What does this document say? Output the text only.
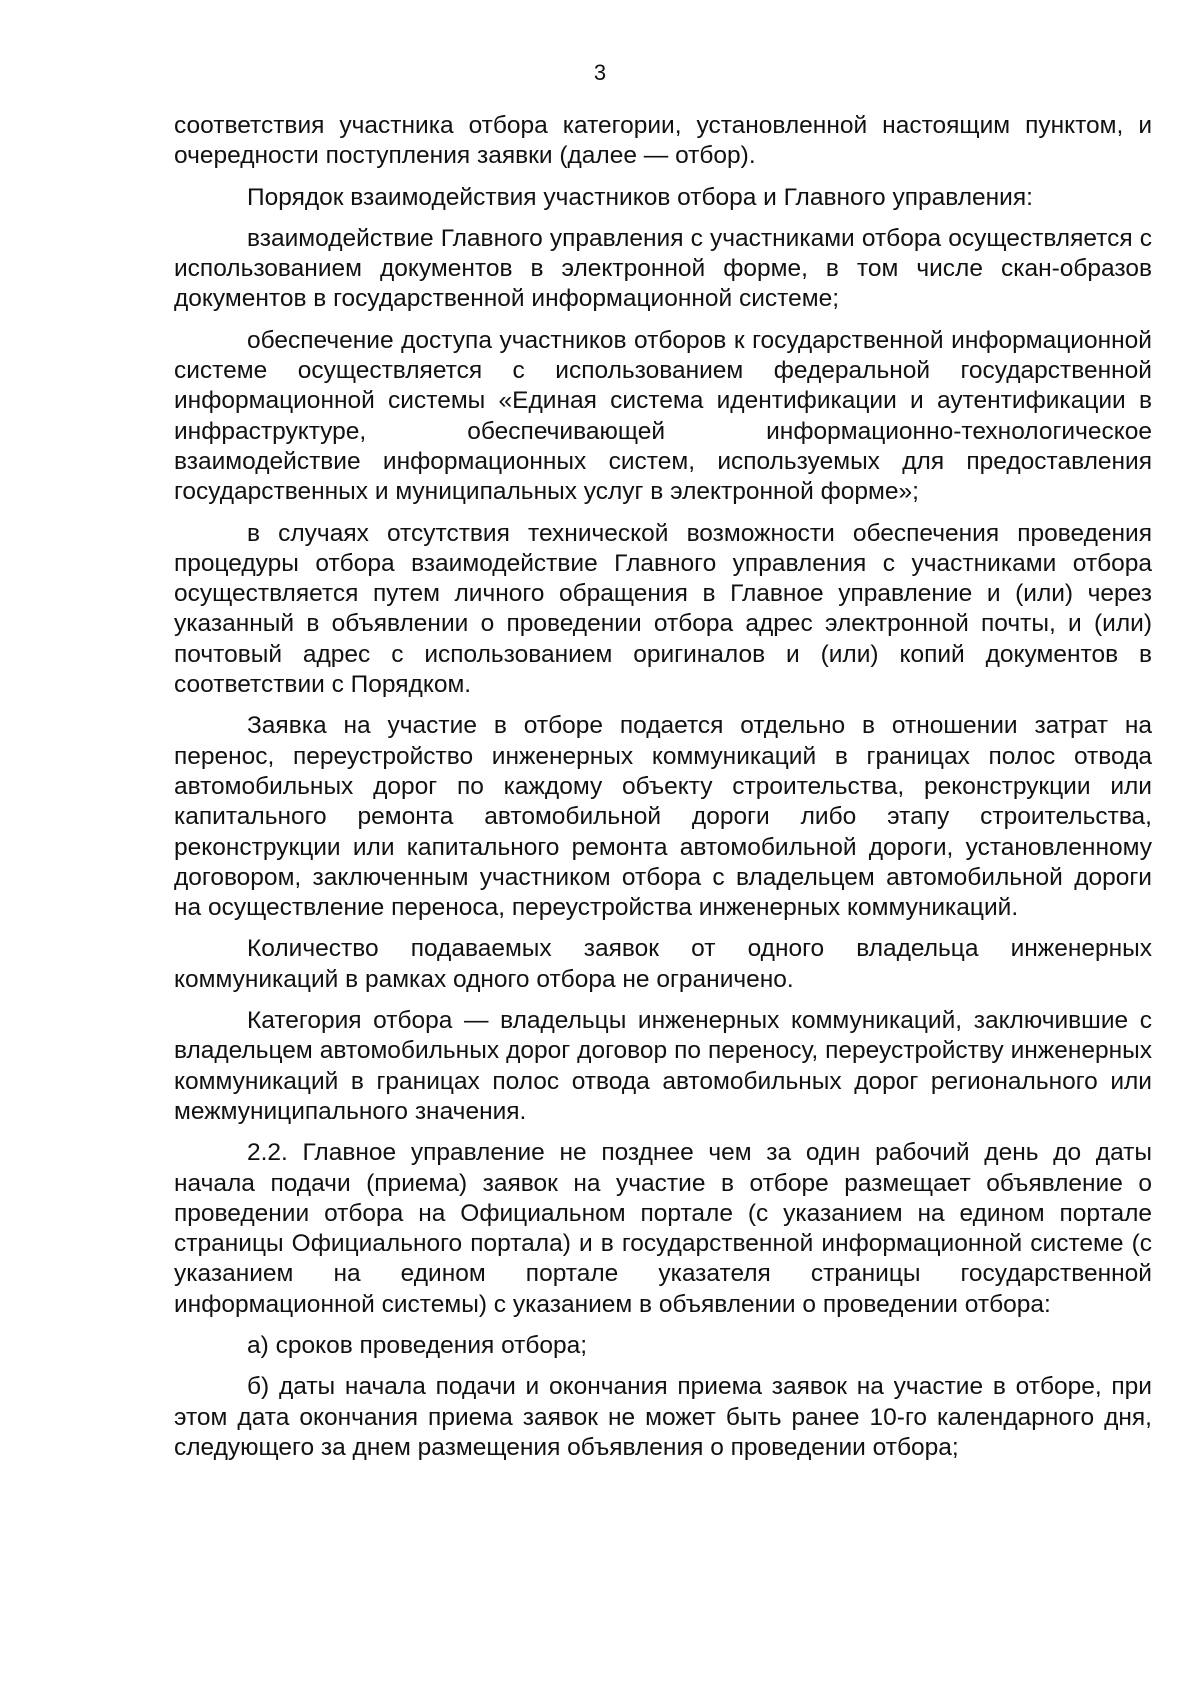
3

соответствия участника отбора категории, установленной настоящим пунктом, и очередности поступления заявки (далее — отбор).

Порядок взаимодействия участников отбора и Главного управления:

взаимодействие Главного управления с участниками отбора осуществляется с использованием документов в электронной форме, в том числе скан-образов документов в государственной информационной системе;

обеспечение доступа участников отборов к государственной информационной системе осуществляется с использованием федеральной государственной информационной системы «Единая система идентификации и аутентификации в инфраструктуре, обеспечивающей информационно-технологическое взаимодействие информационных систем, используемых для предоставления государственных и муниципальных услуг в электронной форме»;

в случаях отсутствия технической возможности обеспечения проведения процедуры отбора взаимодействие Главного управления с участниками отбора осуществляется путем личного обращения в Главное управление и (или) через указанный в объявлении о проведении отбора адрес электронной почты, и (или) почтовый адрес с использованием оригиналов и (или) копий документов в соответствии с Порядком.

Заявка на участие в отборе подается отдельно в отношении затрат на перенос, переустройство инженерных коммуникаций в границах полос отвода автомобильных дорог по каждому объекту строительства, реконструкции или капитального ремонта автомобильной дороги либо этапу строительства, реконструкции или капитального ремонта автомобильной дороги, установленному договором, заключенным участником отбора с владельцем автомобильной дороги на осуществление переноса, переустройства инженерных коммуникаций.

Количество подаваемых заявок от одного владельца инженерных коммуникаций в рамках одного отбора не ограничено.

Категория отбора — владельцы инженерных коммуникаций, заключившие с владельцем автомобильных дорог договор по переносу, переустройству инженерных коммуникаций в границах полос отвода автомобильных дорог регионального или межмуниципального значения.

2.2. Главное управление не позднее чем за один рабочий день до даты начала подачи (приема) заявок на участие в отборе размещает объявление о проведении отбора на Официальном портале (с указанием на едином портале страницы Официального портала) и в государственной информационной системе (с указанием на едином портале указателя страницы государственной информационной системы) с указанием в объявлении о проведении отбора:

а) сроков проведения отбора;

б) даты начала подачи и окончания приема заявок на участие в отборе, при этом дата окончания приема заявок не может быть ранее 10-го календарного дня, следующего за днем размещения объявления о проведении отбора;
